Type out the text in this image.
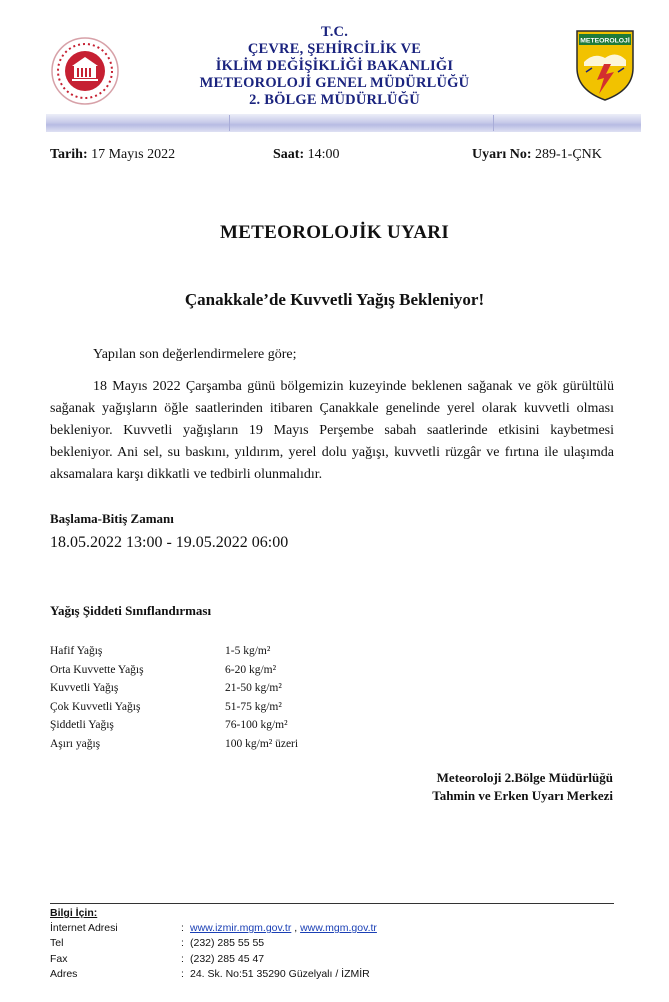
T.C.
ÇEVRE, ŞEHİRCİLİK VE
İKLİM DEĞİŞİKLİĞİ BAKANLIĞI
METEOROLOJİ GENEL MÜDÜRLÜĞÜ
2. BÖLGE MÜDÜRLÜĞÜ
METEOROLOJİ
Tarih: 17 Mayıs 2022	Saat: 14:00	Uyarı No: 289-1-ÇNK
METEOROLOJİK UYARI
Çanakkale’de Kuvvetli Yağış Bekleniyor!
Yapılan son değerlendirmelere göre;
18 Mayıs 2022 Çarşamba günü bölgemizin kuzeyinde beklenen sağanak ve gök gürültülü sağanak yağışların öğle saatlerinden itibaren Çanakkale genelinde yerel olarak kuvvetli olması bekleniyor. Kuvvetli yağışların 19 Mayıs Perşembe sabah saatlerinde etkisini kaybetmesi bekleniyor. Ani sel, su baskını, yıldırım, yerel dolu yağışı, kuvvetli rüzgâr ve fırtına ile ulaşımda aksamalara karşı dikkatli ve tedbirli olunmalıdır.
Başlama-Bitiş Zamanı
18.05.2022 13:00 - 19.05.2022 06:00
Yağış Şiddeti Sınıflandırması
Hafif Yağış	1-5 kg/m²
Orta Kuvvette Yağış	6-20 kg/m²
Kuvvetli Yağış	21-50 kg/m²
Çok Kuvvetli Yağış	51-75 kg/m²
Şiddetli Yağış	76-100 kg/m²
Aşırı yağış	100 kg/m² üzeri
Meteoroloji 2.Bölge Müdürlüğü
Tahmin ve Erken Uyarı Merkezi
Bilgi İçin:
İnternet Adresi	: www.izmir.mgm.gov.tr , www.mgm.gov.tr
Tel	: (232) 285 55 55
Fax	: (232) 285 45 47
Adres	: 24. Sk. No:51 35290 Güzelyalı / İZMİR
